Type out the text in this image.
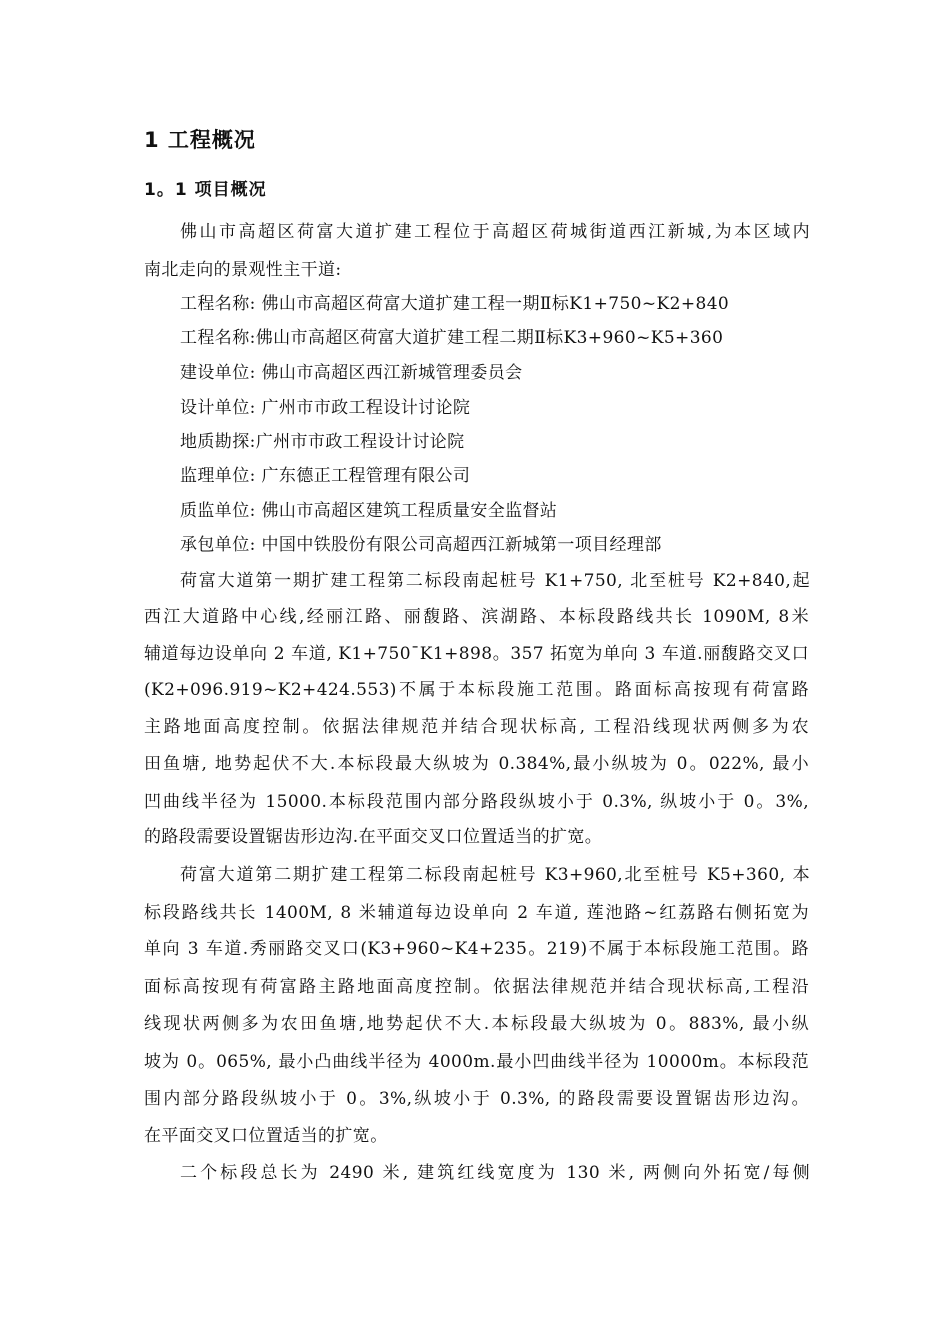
1 工程概况
1。1 项目概况
佛山市高超区荷富大道扩建工程位于高超区荷城街道西江新城,为本区域内
南北走向的景观性主干道:
工程名称: 佛山市高超区荷富大道扩建工程一期Ⅱ标K1+750~K2+840
工程名称:佛山市高超区荷富大道扩建工程二期Ⅱ标K3+960~K5+360
建设单位: 佛山市高超区西江新城管理委员会
设计单位: 广州市市政工程设计讨论院
地质勘探:广州市市政工程设计讨论院
监理单位: 广东德正工程管理有限公司
质监单位: 佛山市高超区建筑工程质量安全监督站
承包单位: 中国中铁股份有限公司高超西江新城第一项目经理部
荷富大道第一期扩建工程第二标段南起桩号 K1+750, 北至桩号 K2+840,起
西江大道路中心线,经丽江路、丽馥路、滨湖路、本标段路线共长 1090M, 8米
辅道每边设单向 2 车道, K1+750¯K1+898。357 拓宽为单向 3 车道.丽馥路交叉口
(K2+096.919~K2+424.553)不属于本标段施工范围。路面标高按现有荷富路
主路地面高度控制。依据法律规范并结合现状标高, 工程沿线现状两侧多为农
田鱼塘, 地势起伏不大.本标段最大纵坡为 0.384%,最小纵坡为 0。022%, 最小
凹曲线半径为 15000.本标段范围内部分路段纵坡小于 0.3%, 纵坡小于 0。3%,
的路段需要设置锯齿形边沟.在平面交叉口位置适当的扩宽。
荷富大道第二期扩建工程第二标段南起桩号 K3+960,北至桩号 K5+360, 本
标段路线共长 1400M, 8 米辅道每边设单向 2 车道, 莲池路~红荔路右侧拓宽为
单向 3 车道.秀丽路交叉口(K3+960~K4+235。219)不属于本标段施工范围。路
面标高按现有荷富路主路地面高度控制。依据法律规范并结合现状标高,工程沿
线现状两侧多为农田鱼塘,地势起伏不大.本标段最大纵坡为 0。883%, 最小纵
坡为 0。065%, 最小凸曲线半径为 4000m.最小凹曲线半径为 10000m。本标段范
围内部分路段纵坡小于 0。3%,纵坡小于 0.3%, 的路段需要设置锯齿形边沟。
在平面交叉口位置适当的扩宽。
二个标段总长为 2490 米, 建筑红线宽度为 130 米, 两侧向外拓宽/每侧
